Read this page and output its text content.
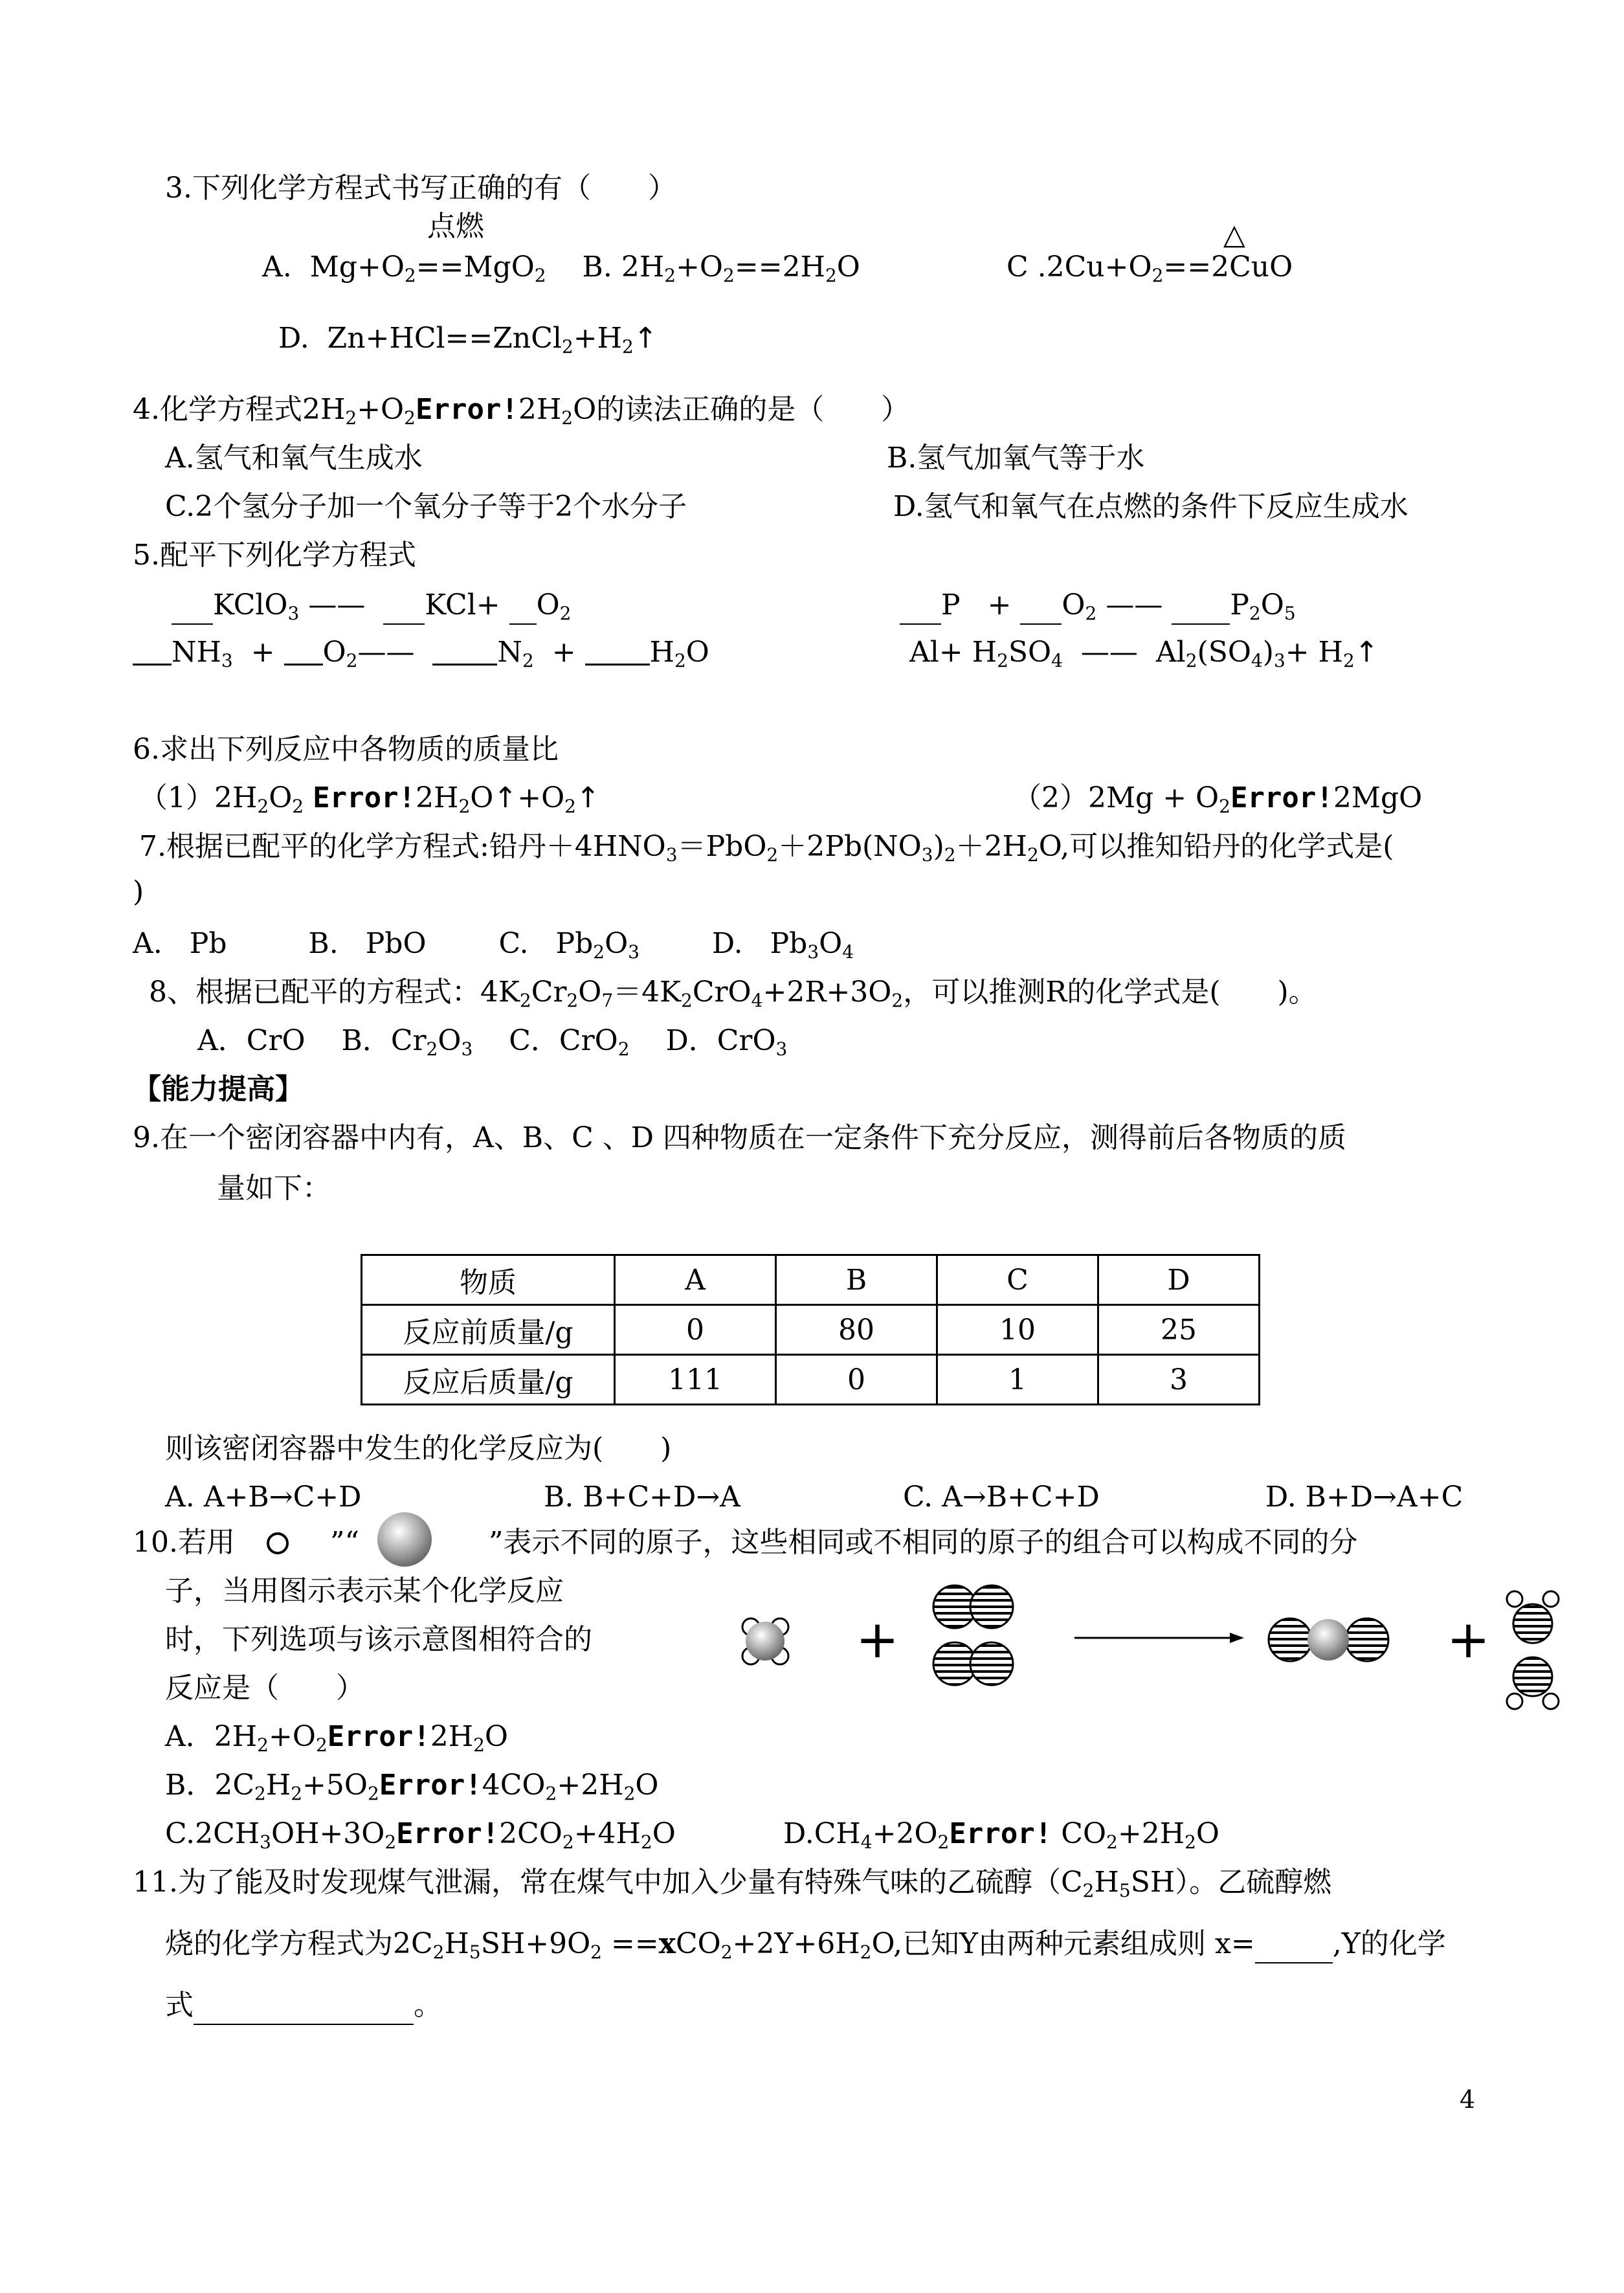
3.下列化学方程式书写正确的有（　　）
点燃	△
A.  $Mg+O_2==MgO_2$ B. $2H_2+O_2==2H_2O$	C $.2Cu+O_2==2CuO$
D.  $Zn+HCl==ZnCl_2+H_2↑$
4.化学方程式$2H_2+O_2Error!2H_2O$的读法正确的是（　　）
A.氢气和氧气生成水	B.氢气加氧气等于水
C.2个氢分子加一个氧分子等于2个水分子	D.氢气和氧气在点燃的条件下反应生成水
5.配平下列化学方程式
KClO$_3$ ——   $KCl+ O_2$	$P + O_2$ ——  $P_2O_5$
$NH_3$  + $O_2——$  $N_2 + H_2O$	$Al+ H_2SO_4$  ——  $Al_2(SO_4)_3+$ $H_2↑$
6.求出下列反应中各物质的质量比
$(1)2H_2O_2$ $Error!2H_2O↑+O_2↑$	$(2)2Mg + O_2Error!2MgO$
7.根据已配平的化学方程式:铅丹$+4HNO_3=PbO_2+2Pb(NO_3)_2+2H_2O$,可以推知铅丹的化学式是(
)
A. Pb	B. PbO	C.   $Pb_2O_3$	D.   $Pb_3O_4$
8、根据已配平的方程式：$4K_2Cr_2O_7=4K_2CrO_4+2R+3O_2$，可以推测R的化学式是(　　)。
A．CrO B．$Cr_2O_3$ C．CrO$_2$ D．CrO$_3$
【能力提高】
9.在一个密闭容器中内有，A、B、C 、D 四种物质在一定条件下充分反应，测得前后各物质的质
量如下：
物质	A	B	C	D
反应前质量/g	0	80	10	25
反应后质量/g	111	0	1	3
则该密闭容器中发生的化学反应为(　　)
A. A+B→C+D	B. B+C+D→A	C. A→B+C+D	D. B+D→A+C
10.若用	”“	”表示不同的原子，这些相同或不相同的原子的组合可以构成不同的分
子，当用图示表示某个化学反应
时，下列选项与该示意图相符合的
反应是（　　）
+	+
A．$2H_2+O_2Error!2H_2O$
B．$2C_2H_2+5O_2Error!4CO_2+2H_2O$
$C.2CH_3OH+3O_2Error!2CO_2+4H_2O$	$D.CH_4+2O_2Error$! $CO_2+2H_2O$
11.为了能及时发现煤气泄漏，常在煤气中加入少量有特殊气味的乙硫醇$(C_2H_5SH)$。乙硫醇燃
烧的化学方程式为$2C_2H_5SH+9O_2 ==xCO_2+2Y+6H_2O$,已知Y由两种元素组成则 x=	,Y的化学
式	。
4
